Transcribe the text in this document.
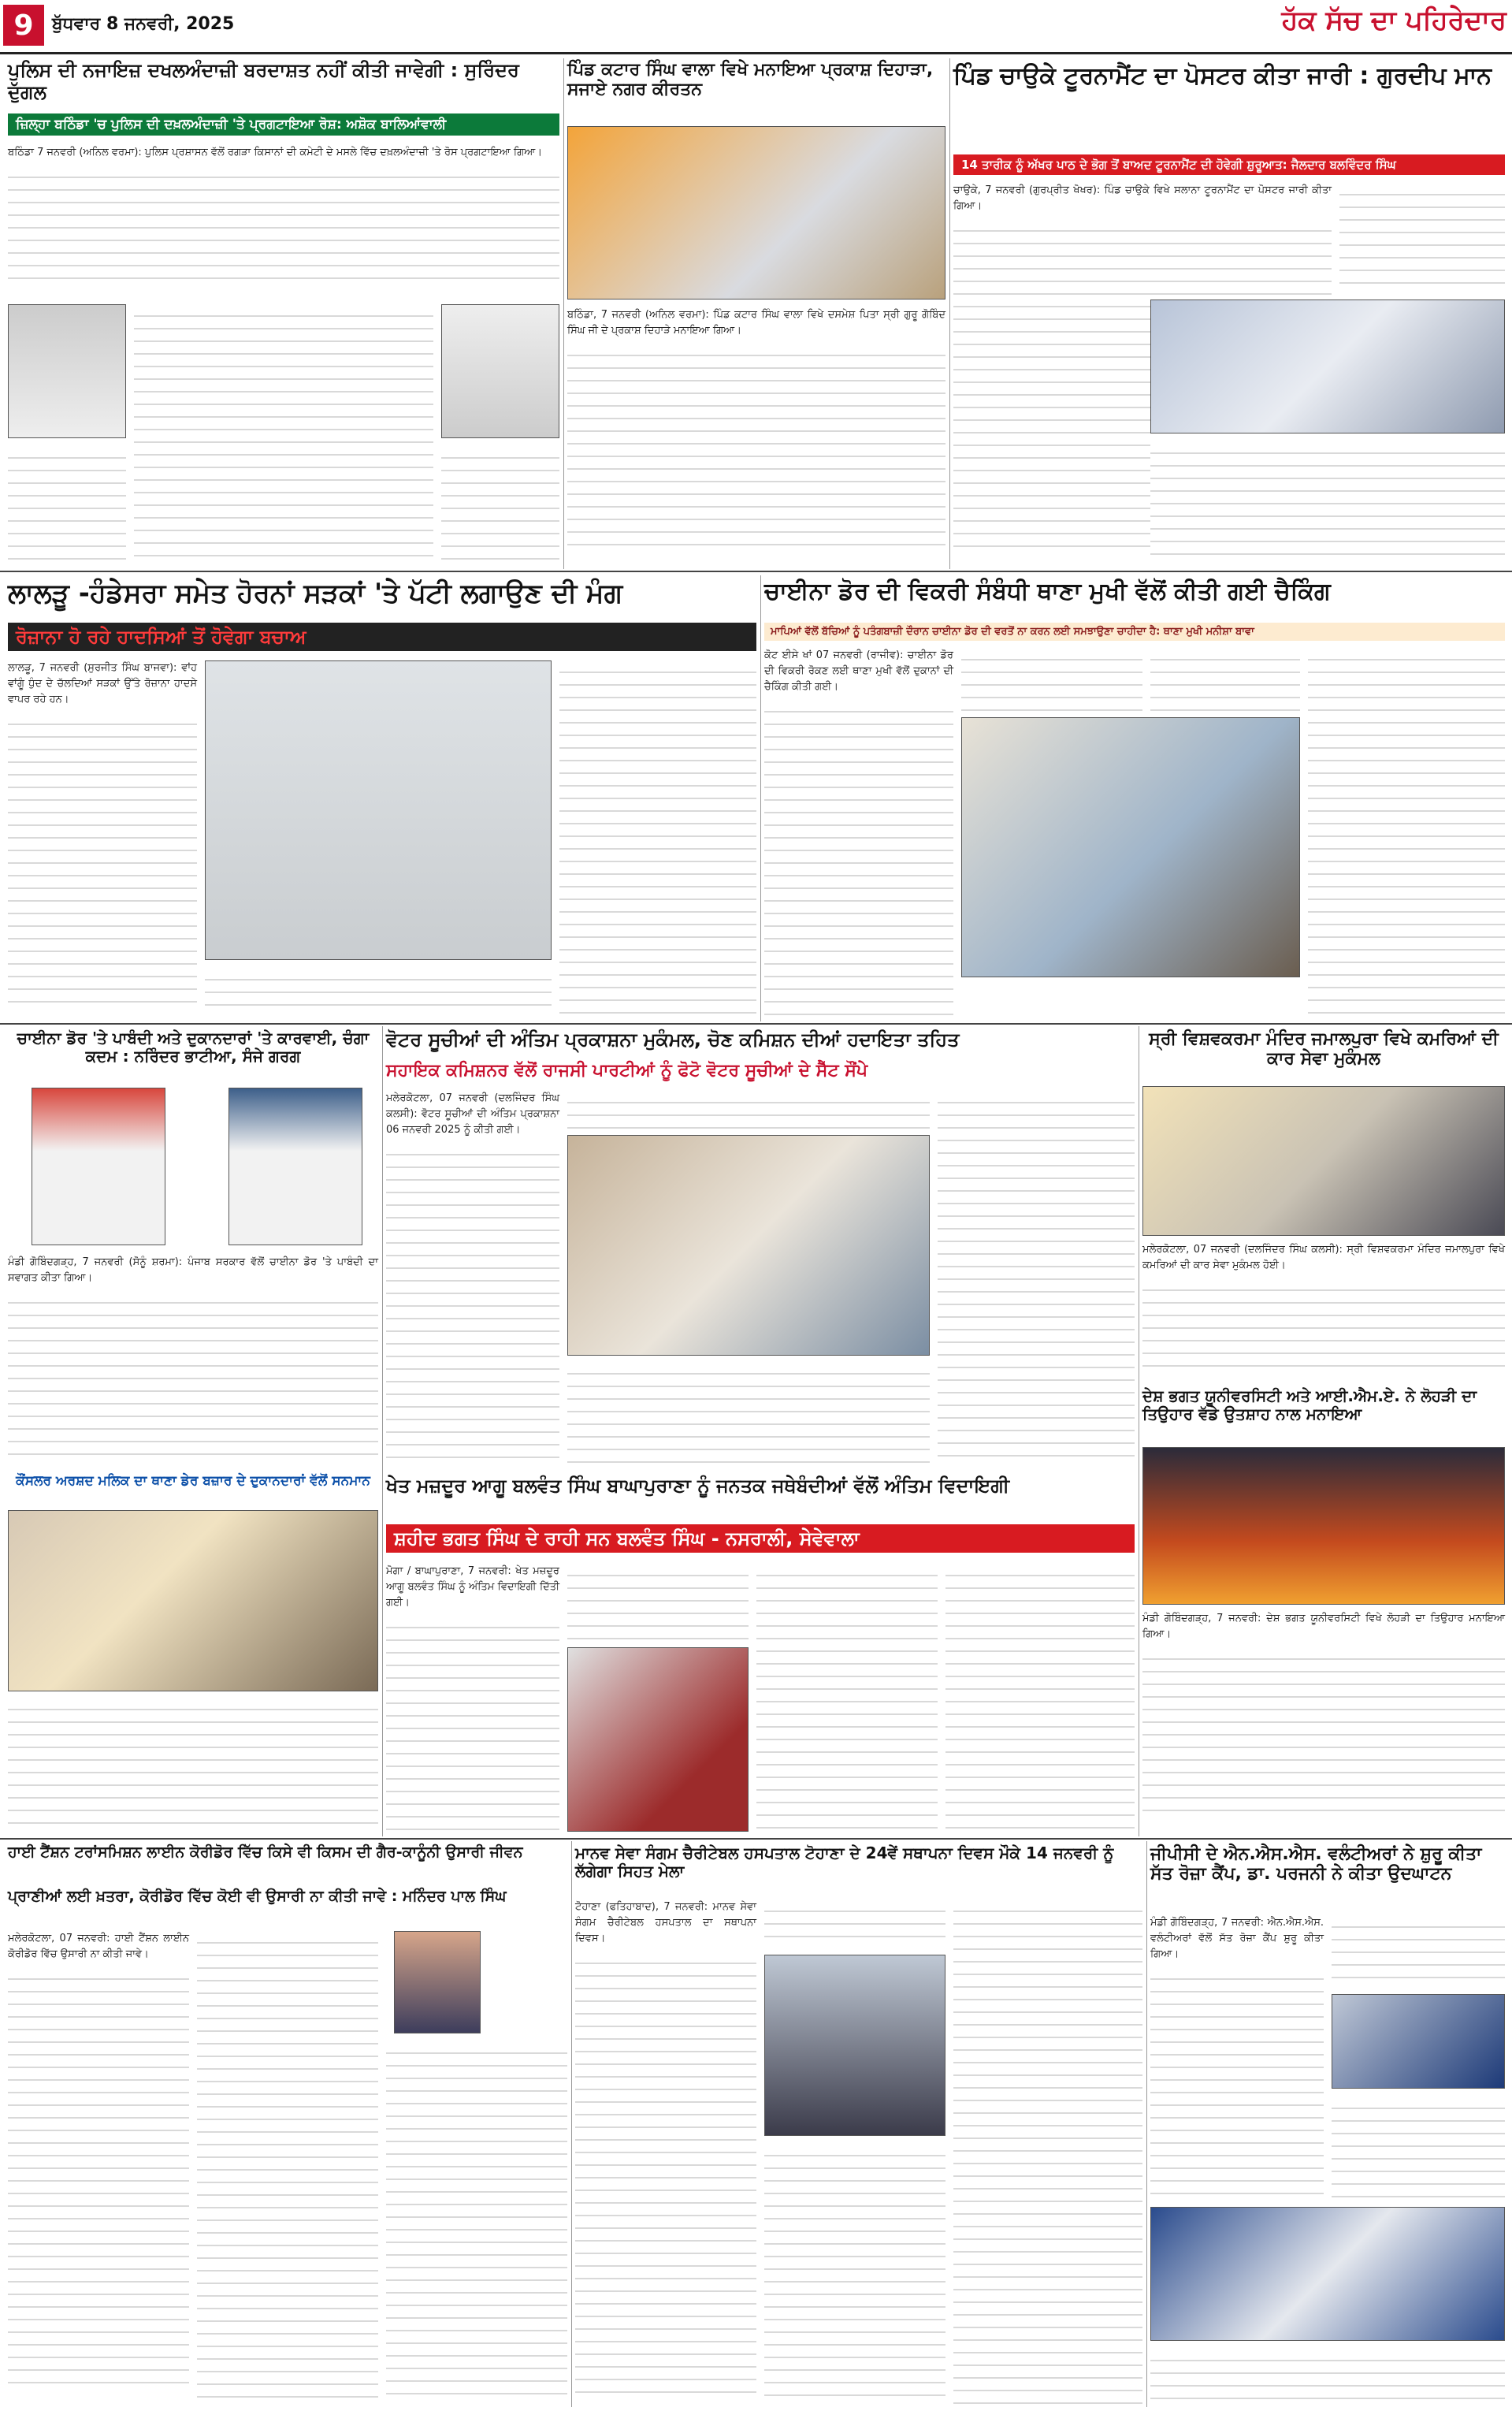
9	ਬੁੱਧਵਾਰ 8 ਜਨਵਰੀ, 2025	ਹੱਕ ਸੱਚ ਦਾ ਪਹਿਰੇਦਾਰ
ਪੁਲਿਸ ਦੀ ਨਜਾਇਜ਼ ਦਖਲਅੰਦਾਜ਼ੀ ਬਰਦਾਸ਼ਤ ਨਹੀਂ ਕੀਤੀ ਜਾਵੇਗੀ : ਸੁਰਿੰਦਰ ਦੁੱਗਲ
ਜ਼ਿਲ੍ਹਾ ਬਠਿੰਡਾ 'ਚ ਪੁਲਿਸ ਦੀ ਦਖ਼ਲਅੰਦਾਜ਼ੀ 'ਤੇ ਪ੍ਰਗਟਾਇਆ ਰੋਸ਼: ਅਸ਼ੋਕ ਬਾਲਿਆਂਵਾਲੀ
ਬਠਿੰਡਾ 7 ਜਨਵਰੀ (ਅਨਿਲ ਵਰਮਾ): ਪੁਲਿਸ ਪ੍ਰਸ਼ਾਸਨ ਵੱਲੋਂ ਰਗੜਾ ਕਿਸਾਨਾਂ ਦੀ ਕਮੇਟੀ ਦੇ ਮਸਲੇ ਵਿੱਚ ਦਖ਼ਲਅੰਦਾਜ਼ੀ 'ਤੇ ਰੋਸ ਪ੍ਰਗਟਾਇਆ ਗਿਆ।
ਪਿੰਡ ਕਟਾਰ ਸਿੰਘ ਵਾਲਾ ਵਿਖੇ ਮਨਾਇਆ ਪ੍ਰਕਾਸ਼ ਦਿਹਾੜਾ, ਸਜਾਏ ਨਗਰ ਕੀਰਤਨ
ਬਠਿੰਡਾ, 7 ਜਨਵਰੀ (ਅਨਿਲ ਵਰਮਾ): ਪਿੰਡ ਕਟਾਰ ਸਿੰਘ ਵਾਲਾ ਵਿਖੇ ਦਸਮੇਸ਼ ਪਿਤਾ ਸ੍ਰੀ ਗੁਰੂ ਗੋਬਿੰਦ ਸਿੰਘ ਜੀ ਦੇ ਪ੍ਰਕਾਸ਼ ਦਿਹਾੜੇ ਮਨਾਇਆ ਗਿਆ।
ਪਿੰਡ ਚਾਉਕੇ ਟੂਰਨਾਮੈਂਟ ਦਾ ਪੋਸਟਰ ਕੀਤਾ ਜਾਰੀ : ਗੁਰਦੀਪ ਮਾਨ
14 ਤਾਰੀਕ ਨੂੰ ਅੱਖਰ ਪਾਠ ਦੇ ਭੋਗ ਤੋਂ ਬਾਅਦ ਟੂਰਨਾਮੈਂਟ ਦੀ ਹੋਵੇਗੀ ਸ਼ੁਰੂਆਤ: ਜੈਲਦਾਰ ਬਲਵਿੰਦਰ ਸਿੰਘ
ਚਾਉਕੇ, 7 ਜਨਵਰੀ (ਗੁਰਪ੍ਰੀਤ ਖੋਖਰ): ਪਿੰਡ ਚਾਉਕੇ ਵਿਖੇ ਸਲਾਨਾ ਟੂਰਨਾਮੈਂਟ ਦਾ ਪੋਸਟਰ ਜਾਰੀ ਕੀਤਾ ਗਿਆ।
ਲਾਲੜੂ -ਹੰਡੇਸਰਾ ਸਮੇਤ ਹੋਰਨਾਂ ਸੜਕਾਂ 'ਤੇ ਪੱਟੀ ਲਗਾਉਣ ਦੀ ਮੰਗ
ਰੋਜ਼ਾਨਾ ਹੋ ਰਹੇ ਹਾਦਸਿਆਂ ਤੋਂ ਹੋਵੇਗਾ ਬਚਾਅ
ਲਾਲੜੂ, 7 ਜਨਵਰੀ (ਸੁਰਜੀਤ ਸਿੰਘ ਬਾਜਵਾ): ਵਾਂਹ ਵਾਂਗੂੰ ਧੁੰਦ ਦੇ ਚੱਲਦਿਆਂ ਸੜਕਾਂ ਉੱਤੇ ਰੋਜ਼ਾਨਾ ਹਾਦਸੇ ਵਾਪਰ ਰਹੇ ਹਨ।
ਚਾਈਨਾ ਡੋਰ ਦੀ ਵਿਕਰੀ ਸੰਬੰਧੀ ਥਾਣਾ ਮੁਖੀ ਵੱਲੋਂ ਕੀਤੀ ਗਈ ਚੈਕਿੰਗ
ਮਾਪਿਆਂ ਵੱਲੋਂ ਬੱਚਿਆਂ ਨੂੰ ਪਤੰਗਬਾਜ਼ੀ ਦੌਰਾਨ ਚਾਈਨਾ ਡੋਰ ਦੀ ਵਰਤੋਂ ਨਾ ਕਰਨ ਲਈ ਸਮਝਾਉਣਾ ਚਾਹੀਦਾ ਹੈ: ਥਾਣਾ ਮੁਖੀ ਮਨੀਸ਼ਾ ਬਾਵਾ
ਕੋਟ ਈਸੇ ਖਾਂ 07 ਜਨਵਰੀ (ਰਾਜੀਵ): ਚਾਈਨਾ ਡੋਰ ਦੀ ਵਿਕਰੀ ਰੋਕਣ ਲਈ ਥਾਣਾ ਮੁਖੀ ਵੱਲੋਂ ਦੁਕਾਨਾਂ ਦੀ ਚੈਕਿੰਗ ਕੀਤੀ ਗਈ।
ਚਾਈਨਾ ਡੋਰ 'ਤੇ ਪਾਬੰਦੀ ਅਤੇ ਦੁਕਾਨਦਾਰਾਂ 'ਤੇ ਕਾਰਵਾਈ, ਚੰਗਾ ਕਦਮ : ਨਰਿੰਦਰ ਭਾਟੀਆ, ਸੰਜੇ ਗਰਗ
ਮੰਡੀ ਗੋਬਿੰਦਗੜ੍ਹ, 7 ਜਨਵਰੀ (ਸੋਨੂੰ ਸ਼ਰਮਾ): ਪੰਜਾਬ ਸਰਕਾਰ ਵੱਲੋਂ ਚਾਈਨਾ ਡੋਰ 'ਤੇ ਪਾਬੰਦੀ ਦਾ ਸਵਾਗਤ ਕੀਤਾ ਗਿਆ।
ਵੋਟਰ ਸੂਚੀਆਂ ਦੀ ਅੰਤਿਮ ਪ੍ਰਕਾਸ਼ਨਾ ਮੁਕੰਮਲ, ਚੋਣ ਕਮਿਸ਼ਨ ਦੀਆਂ ਹਦਾਇਤਾ ਤਹਿਤ
ਸਹਾਇਕ ਕਮਿਸ਼ਨਰ ਵੱਲੋਂ ਰਾਜਸੀ ਪਾਰਟੀਆਂ ਨੂੰ ਫੋਟੋ ਵੋਟਰ ਸੂਚੀਆਂ ਦੇ ਸੈੱਟ ਸੌਂਪੇ
ਮਲੇਰਕੋਟਲਾ, 07 ਜਨਵਰੀ (ਦਲਜਿੰਦਰ ਸਿੰਘ ਕਲਸੀ): ਵੋਟਰ ਸੂਚੀਆਂ ਦੀ ਅੰਤਿਮ ਪ੍ਰਕਾਸ਼ਨਾ 06 ਜਨਵਰੀ 2025 ਨੂੰ ਕੀਤੀ ਗਈ।
ਸ੍ਰੀ ਵਿਸ਼ਵਕਰਮਾ ਮੰਦਿਰ ਜਮਾਲਪੁਰਾ ਵਿਖੇ ਕਮਰਿਆਂ ਦੀ ਕਾਰ ਸੇਵਾ ਮੁਕੰਮਲ
ਮਲੇਰਕੋਟਲਾ, 07 ਜਨਵਰੀ (ਦਲਜਿੰਦਰ ਸਿੰਘ ਕਲਸੀ): ਸ੍ਰੀ ਵਿਸ਼ਵਕਰਮਾ ਮੰਦਿਰ ਜਮਾਲਪੁਰਾ ਵਿਖੇ ਕਮਰਿਆਂ ਦੀ ਕਾਰ ਸੇਵਾ ਮੁਕੰਮਲ ਹੋਈ।
ਦੇਸ਼ ਭਗਤ ਯੂਨੀਵਰਸਿਟੀ ਅਤੇ ਆਈ.ਐਮ.ਏ. ਨੇ ਲੋਹੜੀ ਦਾ ਤਿਉਹਾਰ ਵੱਡੇ ਉਤਸ਼ਾਹ ਨਾਲ ਮਨਾਇਆ
ਮੰਡੀ ਗੋਬਿੰਦਗੜ੍ਹ, 7 ਜਨਵਰੀ: ਦੇਸ਼ ਭਗਤ ਯੂਨੀਵਰਸਿਟੀ ਵਿਖੇ ਲੋਹੜੀ ਦਾ ਤਿਉਹਾਰ ਮਨਾਇਆ ਗਿਆ।
ਖੇਤ ਮਜ਼ਦੂਰ ਆਗੂ ਬਲਵੰਤ ਸਿੰਘ ਬਾਘਾਪੁਰਾਣਾ ਨੂੰ ਜਨਤਕ ਜਥੇਬੰਦੀਆਂ ਵੱਲੋਂ ਅੰਤਿਮ ਵਿਦਾਇਗੀ
ਸ਼ਹੀਦ ਭਗਤ ਸਿੰਘ ਦੇ ਰਾਹੀ ਸਨ ਬਲਵੰਤ ਸਿੰਘ - ਨਸਰਾਲੀ, ਸੇਵੇਵਾਲਾ
ਮੋਗਾ / ਬਾਘਾਪੁਰਾਣਾ, 7 ਜਨਵਰੀ: ਖੇਤ ਮਜ਼ਦੂਰ ਆਗੂ ਬਲਵੰਤ ਸਿੰਘ ਨੂੰ ਅੰਤਿਮ ਵਿਦਾਇਗੀ ਦਿੱਤੀ ਗਈ।
ਕੌਂਸਲਰ ਅਰਸ਼ਦ ਮਲਿਕ ਦਾ ਥਾਣਾ ਡੇਰ ਬਜ਼ਾਰ ਦੇ ਦੁਕਾਨਦਾਰਾਂ ਵੱਲੋਂ ਸਨਮਾਨ
ਹਾਈ ਟੈਂਸ਼ਨ ਟਰਾਂਸਮਿਸ਼ਨ ਲਾਈਨ ਕੋਰੀਡੋਰ ਵਿੱਚ ਕਿਸੇ ਵੀ ਕਿਸਮ ਦੀ ਗੈਰ-ਕਾਨੂੰਨੀ ਉਸਾਰੀ ਜੀਵਨ
ਪ੍ਰਾਣੀਆਂ ਲਈ ਖ਼ਤਰਾ, ਕੋਰੀਡੋਰ ਵਿੱਚ ਕੋਈ ਵੀ ਉਸਾਰੀ ਨਾ ਕੀਤੀ ਜਾਵੇ : ਮਨਿੰਦਰ ਪਾਲ ਸਿੰਘ
ਮਲੇਰਕੋਟਲਾ, 07 ਜਨਵਰੀ: ਹਾਈ ਟੈਂਸ਼ਨ ਲਾਈਨ ਕੋਰੀਡੋਰ ਵਿੱਚ ਉਸਾਰੀ ਨਾ ਕੀਤੀ ਜਾਵੇ।
ਮਾਨਵ ਸੇਵਾ ਸੰਗਮ ਚੈਰੀਟੇਬਲ ਹਸਪਤਾਲ ਟੋਹਾਣਾ ਦੇ 24ਵੇਂ ਸਥਾਪਨਾ ਦਿਵਸ ਮੌਕੇ 14 ਜਨਵਰੀ ਨੂੰ ਲੱਗੇਗਾ ਸਿਹਤ ਮੇਲਾ
ਟੋਹਾਣਾ (ਫਤਿਹਾਬਾਦ), 7 ਜਨਵਰੀ: ਮਾਨਵ ਸੇਵਾ ਸੰਗਮ ਚੈਰੀਟੇਬਲ ਹਸਪਤਾਲ ਦਾ ਸਥਾਪਨਾ ਦਿਵਸ।
ਜੀਪੀਸੀ ਦੇ ਐਨ.ਐਸ.ਐਸ. ਵਲੰਟੀਅਰਾਂ ਨੇ ਸ਼ੁਰੂ ਕੀਤਾ ਸੱਤ ਰੋਜ਼ਾ ਕੈਂਪ, ਡਾ. ਪਰਜਨੀ ਨੇ ਕੀਤਾ ਉਦਘਾਟਨ
ਮੰਡੀ ਗੋਬਿੰਦਗੜ੍ਹ, 7 ਜਨਵਰੀ: ਐਨ.ਐਸ.ਐਸ. ਵਲੰਟੀਅਰਾਂ ਵੱਲੋਂ ਸੱਤ ਰੋਜ਼ਾ ਕੈਂਪ ਸ਼ੁਰੂ ਕੀਤਾ ਗਿਆ।
